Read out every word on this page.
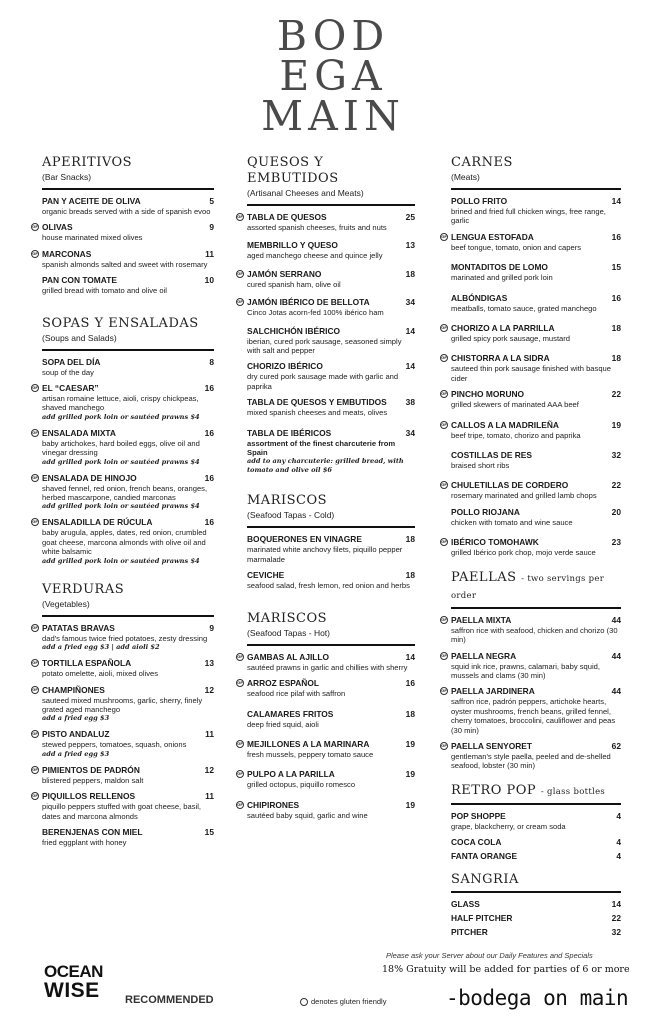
BOD
EGA
MAIN
APERITIVOS
(Bar Snacks)
PAN Y ACEITE DE OLIVA	5
organic breads served with a side of spanish evoo
GF OLIVAS	9
house marinated mixed olives
GF MARCONAS	11
spanish almonds salted and sweet with rosemary
PAN CON TOMATE	10
grilled bread with tomato and olive oil
SOPAS Y ENSALADAS
(Soups and Salads)
SOPA DEL DÍA	8
soup of the day
GF EL “CAESAR”	16
artisan romaine lettuce, aioli, crispy chickpeas, shaved manchego
add grilled pork loin or sautéed prawns $4
GF ENSALADA MIXTA	16
baby artichokes, hard boiled eggs, olive oil and vinegar dressing
add grilled pork loin or sautéed prawns $4
GF ENSALADA DE HINOJO	16
shaved fennel, red onion, french beans, oranges, herbed mascarpone, candied marconas
add grilled pork loin or sautéed prawns $4
GF ENSALADILLA DE RÚCULA	16
baby arugula, apples, dates, red onion, crumbled goat cheese, marcona almonds with olive oil and white balsamic
add grilled pork loin or sautéed prawns $4
VERDURAS
(Vegetables)
GF PATATAS BRAVAS	9
dad's famous twice fried potatoes, zesty dressing
add a fried egg $3 | add aioli $2
GF TORTILLA ESPAÑOLA	13
potato omelette, aioli, mixed olives
GF CHAMPIÑONES	12
sauteed mixed mushrooms, garlic, sherry, finely grated aged manchego
add a fried egg $3
GF PISTO ANDALUZ	11
stewed peppers, tomatoes, squash, onions
add a fried egg $3
GF PIMIENTOS DE PADRÓN	12
blistered peppers, maldon salt
GF PIQUILLOS RELLENOS	11
piquillo peppers stuffed with goat cheese, basil, dates and marcona almonds
BERENJENAS CON MIEL	15
fried eggplant with honey
QUESOS Y EMBUTIDOS
(Artisanal Cheeses and Meats)
GF TABLA DE QUESOS	25
assorted spanish cheeses, fruits and nuts
MEMBRILLO Y QUESO	13
aged manchego cheese and quince jelly
GF JAMÓN SERRANO	18
cured spanish ham, olive oil
GF JAMÓN IBÉRICO DE BELLOTA	34
Cinco Jotas acorn-fed 100% ibérico ham
SALCHICHÓN IBÉRICO	14
iberian, cured pork sausage, seasoned simply with salt and pepper
CHORIZO IBÉRICO	14
dry cured pork sausage made with garlic and paprika
TABLA DE QUESOS Y EMBUTIDOS 38
mixed spanish cheeses and meats, olives
TABLA DE IBÉRICOS	34
assortment of the finest charcuterie from Spain
add to any charcuterie: grilled bread, with tomato and olive oil $6
MARISCOS
(Seafood Tapas - Cold)
BOQUERONES EN VINAGRE	18
marinated white anchovy filets, piquillo pepper marmalade
CEVICHE	18
seafood salad, fresh lemon, red onion and herbs
MARISCOS
(Seafood Tapas - Hot)
GF GAMBAS AL AJILLO	14
sautéed prawns in garlic and chillies with sherry
GF ARROZ ESPAÑOL	16
seafood rice pilaf with saffron
CALAMARES FRITOS	18
deep fried squid, aioli
GF MEJILLONES A LA MARINARA	19
fresh mussels, peppery tomato sauce
GF PULPO A LA PARILLA	19
grilled octopus, piquillo romesco
GF CHIPIRONES	19
sautéed baby squid, garlic and wine
CARNES
(Meats)
POLLO FRITO	14
brined and fried full chicken wings, free range, garlic
GF LENGUA ESTOFADA	16
beef tongue, tomato, onion and capers
MONTADITOS DE LOMO	15
marinated and grilled pork loin
ALBÓNDIGAS	16
meatballs, tomato sauce, grated manchego
GF CHORIZO A LA PARRILLA	18
grilled spicy pork sausage, mustard
GF CHISTORRA A LA SIDRA	18
sauteed thin pork sausage finished with basque cider
GF PINCHO MORUNO	22
grilled skewers of marinated AAA beef
GF CALLOS A LA MADRILEÑA	19
beef tripe, tomato, chorizo and paprika
COSTILLAS DE RES	32
braised short ribs
GF CHULETILLAS DE CORDERO	22
rosemary marinated and grilled lamb chops
POLLO RIOJANA	20
chicken with tomato and wine sauce
GF IBÉRICO TOMOHAWK	23
grilled Ibérico pork chop, mojo verde sauce
PAELLAS - two servings per order
GF PAELLA MIXTA	44
saffron rice with seafood, chicken and chorizo (30 min)
GF PAELLA NEGRA	44
squid ink rice, prawns, calamari, baby squid, mussels and clams (30 min)
GF PAELLA JARDINERA	44
saffron rice, padrón peppers, artichoke hearts, oyster mushrooms, french beans, grilled fennel, cherry tomatoes, broccolini, cauliflower and peas (30 min)
GF PAELLA SENYORET	62
gentleman's style paella, peeled and de-shelled seafood, lobster (30 min)
RETRO POP - glass bottles
POP SHOPPE	4
grape, blackcherry, or cream soda
COCA COLA	4
FANTA ORANGE	4
SANGRIA
GLASS	14
HALF PITCHER	22
PITCHER	32
Please ask your Server about our Daily Features and Specials
18% Gratuity will be added for parties of 6 or more
OCEAN
WISE RECOMMENDED	denotes gluten friendly	-bodega on main
